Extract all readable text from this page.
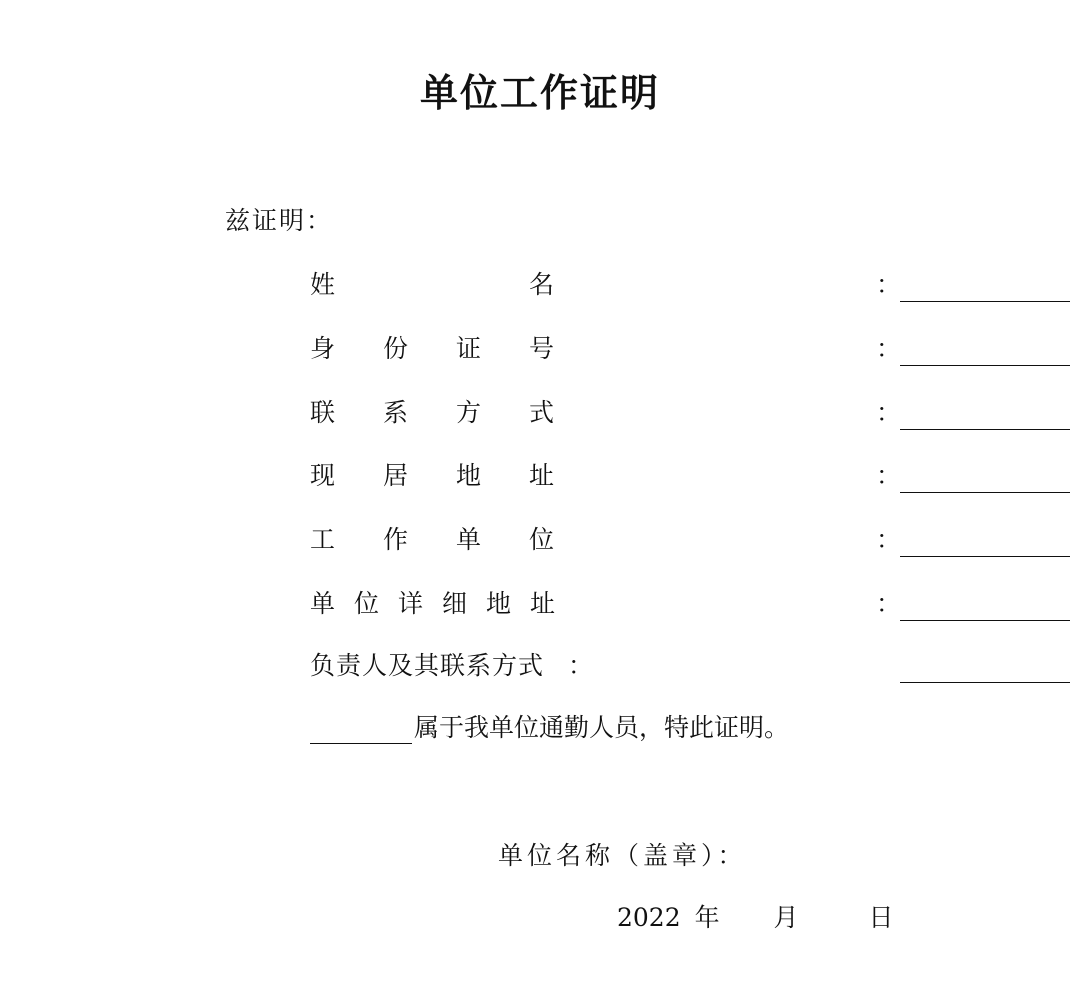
单位工作证明
兹证明：
姓	名	：
身 份 证 号	：
联 系 方 式	：
现 居 地 址	：
工 作 单 位	：
单 位 详 细 地 址	：
负责人及其联系方式 ：
属于我单位通勤人员，特此证明。
单位名称（盖章）：
2022 年 月	日
